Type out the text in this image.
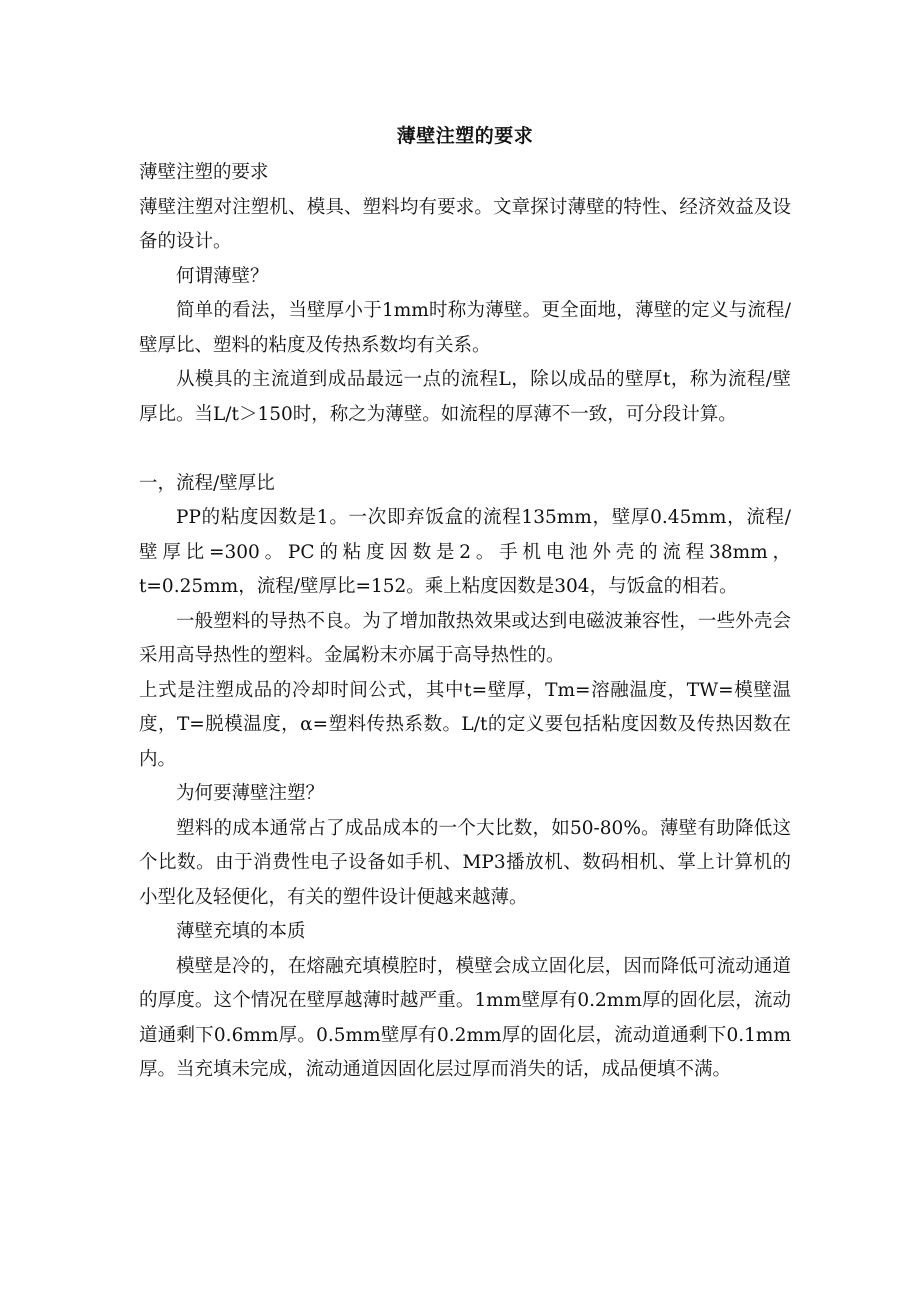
薄壁注塑的要求

薄壁注塑的要求

薄壁注塑对注塑机、模具、塑料均有要求。文章探讨薄壁的特性、经济效益及设备的设计。

何谓薄壁？

简单的看法，当壁厚小于1mm时称为薄壁。更全面地，薄壁的定义与流程/壁厚比、塑料的粘度及传热系数均有关系。

从模具的主流道到成品最远一点的流程L，除以成品的壁厚t，称为流程/壁厚比。当L/t＞150时，称之为薄壁。如流程的厚薄不一致，可分段计算。

一，流程/壁厚比

PP的粘度因数是1。一次即弃饭盒的流程135mm，壁厚0.45mm，流程/壁厚比=300。PC的粘度因数是2。手机电池外壳的流程38mm，t=0.25mm，流程/壁厚比=152。乘上粘度因数是304，与饭盒的相若。

一般塑料的导热不良。为了增加散热效果或达到电磁波兼容性，一些外壳会采用高导热性的塑料。金属粉末亦属于高导热性的。

上式是注塑成品的冷却时间公式，其中t=壁厚，Tm=溶融温度，TW=模壁温度，T=脱模温度，α=塑料传热系数。L/t的定义要包括粘度因数及传热因数在内。

为何要薄壁注塑？

塑料的成本通常占了成品成本的一个大比数，如50-80%。薄壁有助降低这个比数。由于消费性电子设备如手机、MP3播放机、数码相机、掌上计算机的小型化及轻便化，有关的塑件设计便越来越薄。

薄壁充填的本质

模壁是冷的，在熔融充填模腔时，模壁会成立固化层，因而降低可流动通道的厚度。这个情况在壁厚越薄时越严重。1mm壁厚有0.2mm厚的固化层，流动道通剩下0.6mm厚。0.5mm壁厚有0.2mm厚的固化层，流动道通剩下0.1mm厚。当充填未完成，流动通道因固化层过厚而消失的话，成品便填不满。
